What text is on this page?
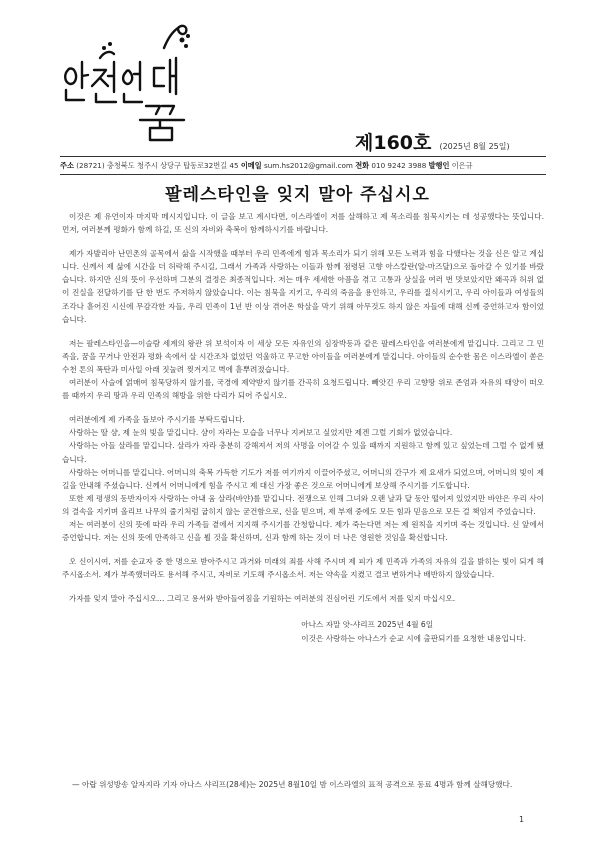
제160호 (2025년 8월 25일)
주소 (28721) 충청북도 청주시 상당구 탑동로32번길 45 이메일 sum.hs2012@gmail.com 전화 010 9242 3988 발행인 이은규
팔레스타인을 잊지 말아 주십시오

이것은 제 유언이자 마지막 메시지입니다. 이 글을 보고 계시다면, 이스라엘이 저를 살해하고 제 목소리를 침묵시키는 데 성공했다는 뜻입니다. 먼저, 여러분께 평화가 함께 하길, 또 신의 자비와 축복이 함께하시기를 바랍니다.

제가 자발리아 난민촌의 골목에서 삶을 시작했을 때부터 우리 민족에게 힘과 목소리가 되기 위해 모든 노력과 힘을 다했다는 것을 신은 알고 계십니다. 신께서 제 삶에 시간을 더 허락해 주시길, 그래서 가족과 사랑하는 이들과 함께 점령된 고향 아스칼란(알-마즈달)으로 돌아갈 수 있기를 바랐습니다. 하지만 신의 뜻이 우선하며 그분의 결정은 최종적입니다. 저는 매우 세세한 아픔을 겪고 고통과 상실을 여러 번 맛보았지만 왜곡과 허위 없이 진실을 전달하기를 단 한 번도 주저하지 않았습니다. 이는 침묵을 지키고, 우리의 죽음을 용인하고, 우리를 질식시키고, 우리 아이들과 여성들의 조각나 흩어진 시신에 무감각한 자들, 우리 민족이 1년 반 이상 겪어온 학살을 막기 위해 아무것도 하지 않은 자들에 대해 신께 증언하고자 함이었습니다.

저는 팔레스타인을—이슬람 세계의 왕관 위 보석이자 이 세상 모든 자유인의 심장박동과 같은 팔레스타인을 여러분에게 맡깁니다. 그리고 그 민족을, 꿈을 꾸거나 안전과 평화 속에서 살 시간조차 없었던 억울하고 무고한 아이들을 여러분에게 맡깁니다. 아이들의 순수한 몸은 이스라엘이 쏟은 수천 톤의 폭탄과 미사일 아래 짓눌려 찢겨지고 벽에 흩뿌려졌습니다.

여러분이 사슬에 얽매여 침묵당하지 않기를, 국경에 제약받지 않기를 간곡히 요청드립니다. 빼앗긴 우리 고향땅 위로 존엄과 자유의 태양이 떠오를 때까지 우리 땅과 우리 민족의 해방을 위한 다리가 되어 주십시오.

여러분에게 제 가족을 돌보아 주시기를 부탁드립니다.

사랑하는 딸 샴, 제 눈의 빛을 맡깁니다. 샴이 자라는 모습을 너무나 지켜보고 싶었지만 제겐 그럴 기회가 없었습니다.

사랑하는 아들 살라를 맡깁니다. 살라가 자라 충분히 강해져서 저의 사명을 이어갈 수 있을 때까지 지원하고 함께 있고 싶었는데 그럴 수 없게 됐습니다.

사랑하는 어머니를 맡깁니다. 어머니의 축복 가득한 기도가 저를 여기까지 이끌어주셨고, 어머니의 간구가 제 요새가 되었으며, 어머니의 빛이 제 길을 안내해 주셨습니다. 신께서 어머니에게 힘을 주시고 제 대신 가장 좋은 것으로 어머니에게 보상해 주시기를 기도합니다.

또한 제 평생의 동반자이자 사랑하는 아내 움 살라(바얀)를 맡깁니다. 전쟁으로 인해 그녀와 오랜 날과 달 동안 떨어져 있었지만 바얀은 우리 사이의 결속을 지키며 올리브 나무의 줄기처럼 굽히지 않는 굳건함으로, 신을 믿으며, 제 부재 중에도 모든 힘과 믿음으로 모든 걸 책임져 주었습니다.

저는 여러분이 신의 뜻에 따라 우리 가족들 곁에서 지지해 주시기를 간청합니다. 제가 죽는다면 저는 제 원칙을 지키며 죽는 것입니다. 신 앞에서 증언합니다. 저는 신의 뜻에 만족하고 신을 뵐 것을 확신하며, 신과 함께 하는 것이 더 나은 영원한 것임을 확신합니다.

오 신이시여, 저를 순교자 중 한 명으로 받아주시고 과거와 미래의 죄를 사해 주시며 제 피가 제 민족과 가족의 자유의 길을 밝히는 빛이 되게 해 주시옵소서. 제가 부족했더라도 용서해 주시고, 자비로 기도해 주시옵소서. 저는 약속을 지켰고 결코 변하거나 배반하지 않았습니다.

가자를 잊지 말아 주십시오… 그리고 용서와 받아들여짐을 기원하는 여러분의 진심어린 기도에서 저를 잊지 마십시오.

아나스 자말 앗-샤리프 2025년 4월 6일
이것은 사랑하는 아나스가 순교 시에 출판되기를 요청한 내용입니다.
— 아랍 위성방송 알자지라 기자 아나스 샤리프(28세)는 2025년 8월10일 밤 이스라엘의 표적 공격으로 동료 4명과 함께 살해당했다.
1
